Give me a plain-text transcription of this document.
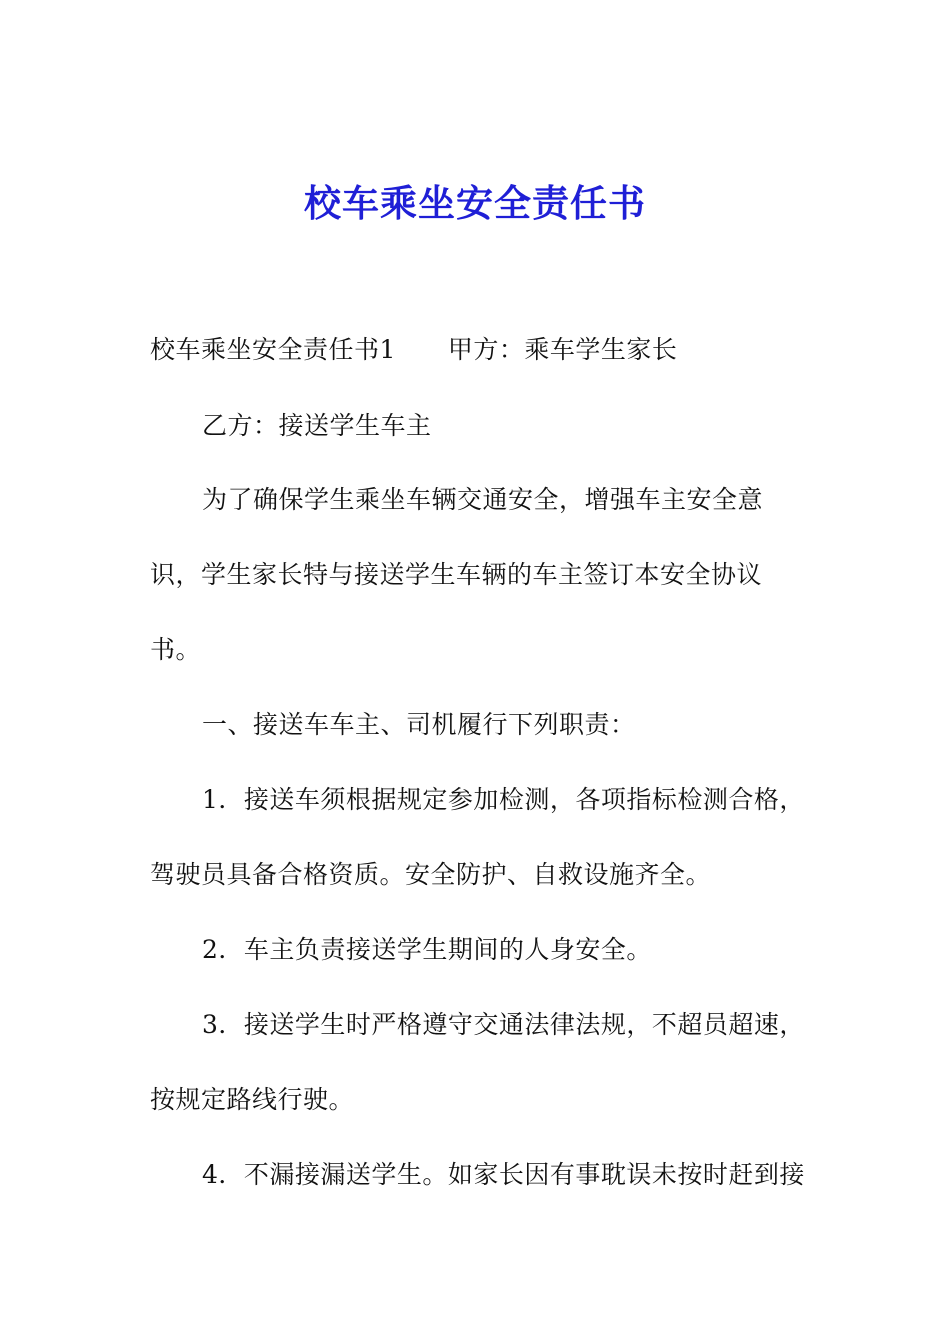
校车乘坐安全责任书
校车乘坐安全责任书1 甲方：乘车学生家长
乙方：接送学生车主
为了确保学生乘坐车辆交通安全，增强车主安全意
识，学生家长特与接送学生车辆的车主签订本安全协议
书。
一、接送车车主、司机履行下列职责：
1．接送车须根据规定参加检测，各项指标检测合格，
驾驶员具备合格资质。安全防护、自救设施齐全。
2．车主负责接送学生期间的人身安全。
3．接送学生时严格遵守交通法律法规，不超员超速，
按规定路线行驶。
4．不漏接漏送学生。如家长因有事耽误未按时赶到接
